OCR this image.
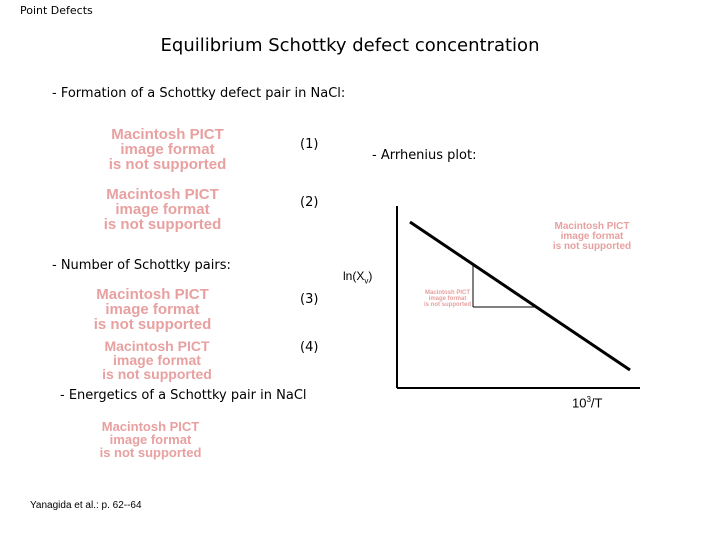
Point Defects
Equilibrium Schottky defect concentration
- Formation of a Schottky defect pair in NaCl:
Macintosh PICT
image format
is not supported
(1)
Macintosh PICT
image format
is not supported
(2)
- Number of Schottky pairs:
Macintosh PICT
image format
is not supported
(3)
Macintosh PICT
image format
is not supported
(4)
- Energetics of a Schottky pair in NaCl
Macintosh PICT
image format
is not supported
Yanagida et al.: p. 62--64
- Arrhenius plot:
Macintosh PICT
image format
is not supported
Macintosh PICT
image format
is not supported
$\ln(X_v)$
$10^3/T$
